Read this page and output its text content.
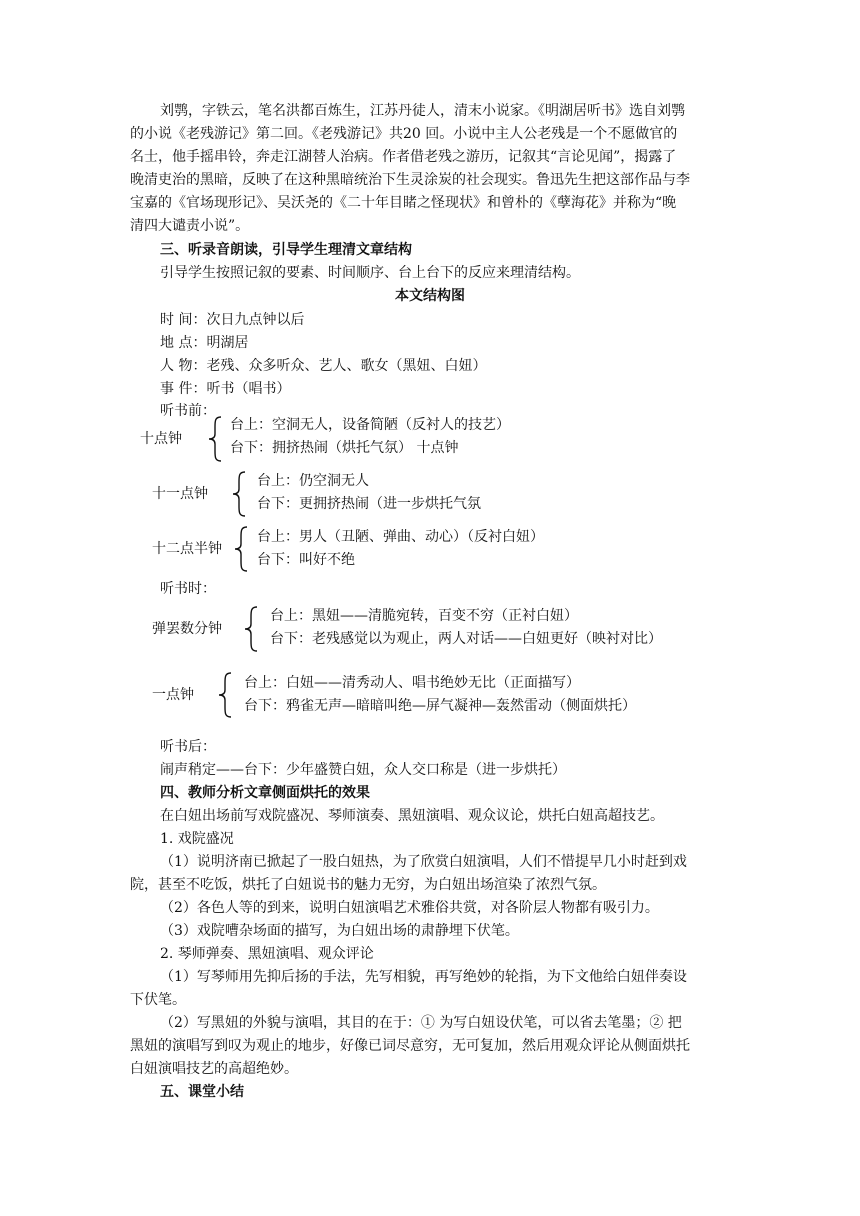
刘鹗，字铁云，笔名洪都百炼生，江苏丹徒人，清末小说家。《明湖居听书》选自刘鹗
的小说《老残游记》第二回。《老残游记》共20 回。小说中主人公老残是一个不愿做官的
名士，他手摇串铃，奔走江湖替人治病。作者借老残之游历，记叙其“言论见闻”，揭露了
晚清吏治的黑暗，反映了在这种黑暗统治下生灵涂炭的社会现实。鲁迅先生把这部作品与李
宝嘉的《官场现形记》、吴沃尧的《二十年目睹之怪现状》和曾朴的《孽海花》并称为“晚
清四大谴责小说”。
三、听录音朗读，引导学生理清文章结构
引导学生按照记叙的要素、时间顺序、台上台下的反应来理清结构。
本文结构图
时 间：次日九点钟以后
地 点：明湖居
人 物：老残、众多听众、艺人、歌女（黑妞、白妞）
事 件：听书（唱书）
听书前：
十点钟
台上：空洞无人，设备简陋（反衬人的技艺）
台下：拥挤热闹（烘托气氛） 十点钟
十一点钟
台上：仍空洞无人
台下：更拥挤热闹（进一步烘托气氛
十二点半钟
台上：男人（丑陋、弹曲、动心）（反衬白妞）
台下：叫好不绝
听书时：
弹罢数分钟
台上：黑妞——清脆宛转，百变不穷（正衬白妞）
台下：老残感觉以为观止，两人对话——白妞更好（映衬对比）
一点钟
台上：白妞——清秀动人、唱书绝妙无比（正面描写）
台下：鸦雀无声—暗暗叫绝—屏气凝神—轰然雷动（侧面烘托）
听书后：
闹声稍定——台下：少年盛赞白妞，众人交口称是（进一步烘托）
四、教师分析文章侧面烘托的效果
在白妞出场前写戏院盛况、琴师演奏、黑妞演唱、观众议论，烘托白妞高超技艺。
1. 戏院盛况
（1）说明济南已掀起了一股白妞热，为了欣赏白妞演唱，人们不惜提早几小时赶到戏
院，甚至不吃饭，烘托了白妞说书的魅力无穷，为白妞出场渲染了浓烈气氛。
（2）各色人等的到来，说明白妞演唱艺术雅俗共赏，对各阶层人物都有吸引力。
（3）戏院嘈杂场面的描写，为白妞出场的肃静埋下伏笔。
2. 琴师弹奏、黑妞演唱、观众评论
（1）写琴师用先抑后扬的手法，先写相貌，再写绝妙的轮指，为下文他给白妞伴奏设
下伏笔。
（2）写黑妞的外貌与演唱，其目的在于：① 为写白妞设伏笔，可以省去笔墨；② 把
黑妞的演唱写到叹为观止的地步，好像已词尽意穷，无可复加，然后用观众评论从侧面烘托
白妞演唱技艺的高超绝妙。
五、课堂小结
